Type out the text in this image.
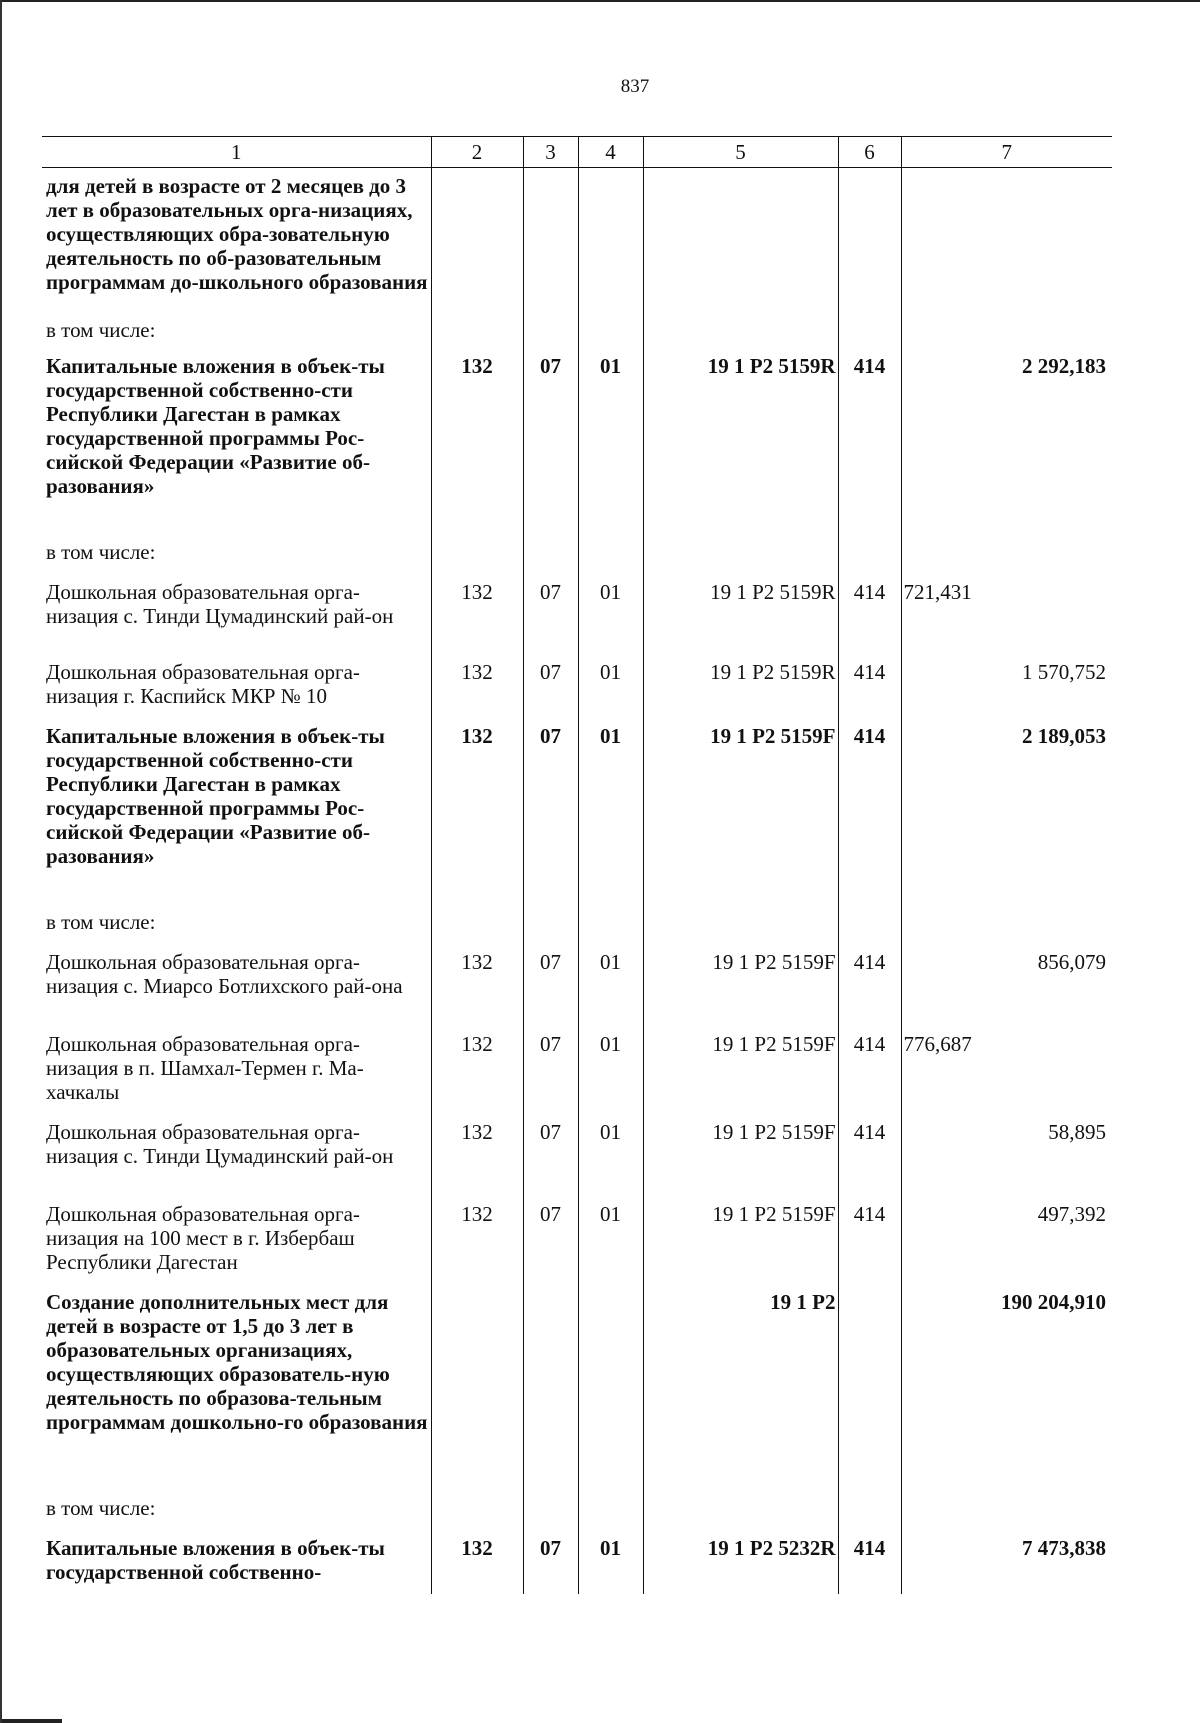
837
1	2	3	4	5	6	7
для детей в возрасте от 2 месяцев до 3 лет в образовательных орга-низациях, осуществляющих обра-зовательную деятельность по об-разовательным программам до-школьного образования						
в том числе:						
Капитальные вложения в объек-ты государственной собственно-сти Республики Дагестан в рамках государственной программы Рос-сийской Федерации «Развитие об-разования»	132	07	01	19 1 Р2 5159R	414	2 292,183
в том числе:						
Дошкольная образовательная орга-низация с. Тинди Цумадинский рай-он	132	07	01	19 1 Р2 5159R	414	721,431
Дошкольная образовательная орга-низация г. Каспийск МКР № 10	132	07	01	19 1 Р2 5159R	414	1 570,752
Капитальные вложения в объек-ты государственной собственно-сти Республики Дагестан в рамках государственной программы Рос-сийской Федерации «Развитие об-разования»	132	07	01	19 1 Р2 5159F	414	2 189,053
в том числе:						
Дошкольная образовательная орга-низация с. Миарсо Ботлихского рай-она	132	07	01	19 1 Р2 5159F	414	856,079
Дошкольная образовательная орга-низация в п. Шамхал-Термен г. Ма-хачкалы	132	07	01	19 1 Р2 5159F	414	776,687
Дошкольная образовательная орга-низация с. Тинди Цумадинский рай-он	132	07	01	19 1 Р2 5159F	414	58,895
Дошкольная образовательная орга-низация на 100 мест в г. Избербаш Республики Дагестан	132	07	01	19 1 Р2 5159F	414	497,392
Создание дополнительных мест для детей в возрасте от 1,5 до 3 лет в образовательных организациях, осуществляющих образователь-ную деятельность по образова-тельным программам дошкольно-го образования				19 1 Р2		190 204,910
в том числе:						
Капитальные вложения в объек-ты государственной собственно-	132	07	01	19 1 Р2 5232R	414	7 473,838
